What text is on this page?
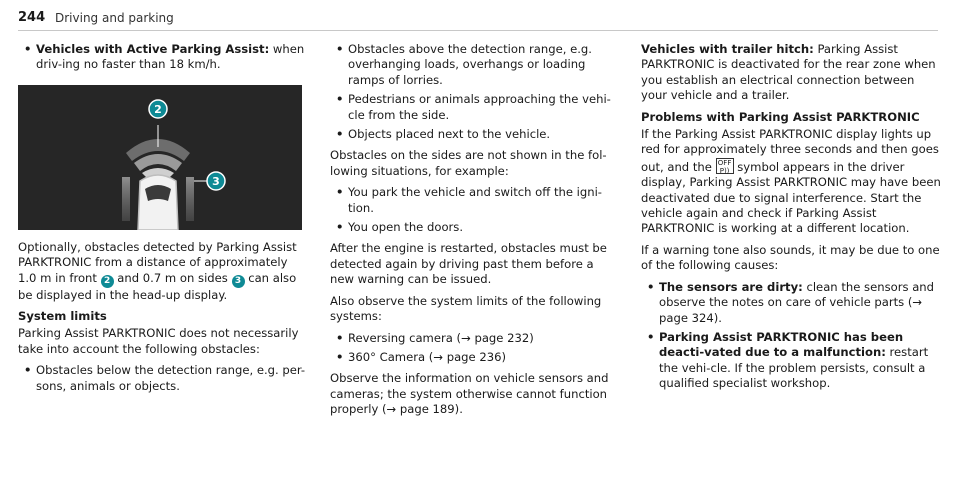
244 Driving and parking
• Vehicles with Active Parking Assist: when driv-ing no faster than 18 km/h.
2
3

Optionally, obstacles detected by Parking Assist PARKTRONIC from a distance of approximately 1.0 m in front 2 and 0.7 m on sides 3 can also be displayed in the head-up display.

System limits

Parking Assist PARKTRONIC does not necessarily take into account the following obstacles:

• Obstacles below the detection range, e.g. per-sons, animals or objects.
• Obstacles above the detection range, e.g. overhanging loads, overhangs or loading ramps of lorries.
• Pedestrians or animals approaching the vehi-cle from the side.
• Objects placed next to the vehicle.

Obstacles on the sides are not shown in the fol-lowing situations, for example:

• You park the vehicle and switch off the igni-tion.
• You open the doors.

After the engine is restarted, obstacles must be detected again by driving past them before a new warning can be issued.

Also observe the system limits of the following systems:

• Reversing camera (→ page 232)
• 360° Camera (→ page 236)

Observe the information on vehicle sensors and cameras; the system otherwise cannot function properly (→ page 189).

Vehicles with trailer hitch: Parking Assist PARKTRONIC is deactivated for the rear zone when you establish an electrical connection between your vehicle and a trailer.

Problems with Parking Assist PARKTRONIC

If the Parking Assist PARKTRONIC display lights up red for approximately three seconds and then goes out, and the OFF
P)) symbol appears in the driver display, Parking Assist PARKTRONIC may have been deactivated due to signal interference. Start the vehicle again and check if Parking Assist PARKTRONIC is working at a different location.

If a warning tone also sounds, it may be due to one of the following causes:

• The sensors are dirty: clean the sensors and observe the notes on care of vehicle parts (→ page 324).
• Parking Assist PARKTRONIC has been deacti-vated due to a malfunction: restart the vehi-cle. If the problem persists, consult a qualified specialist workshop.
